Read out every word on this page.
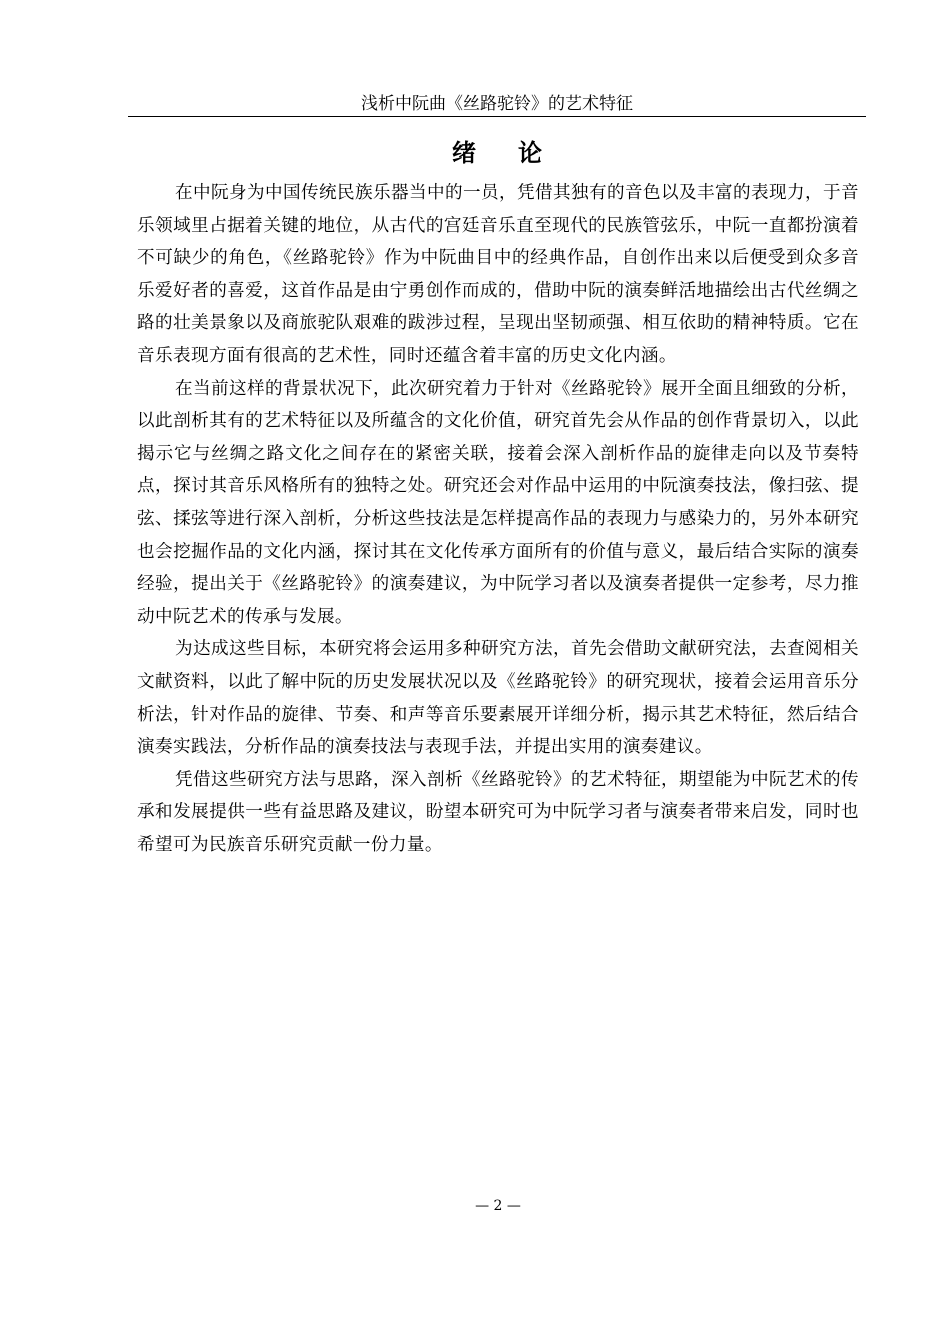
浅析中阮曲《丝路驼铃》的艺术特征
绪论

在中阮身为中国传统民族乐器当中的一员，凭借其独有的音色以及丰富的表现力，于音乐领域里占据着关键的地位，从古代的宫廷音乐直至现代的民族管弦乐，中阮一直都扮演着不可缺少的角色，《丝路驼铃》作为中阮曲目中的经典作品，自创作出来以后便受到众多音乐爱好者的喜爱，这首作品是由宁勇创作而成的，借助中阮的演奏鲜活地描绘出古代丝绸之路的壮美景象以及商旅驼队艰难的跋涉过程，呈现出坚韧顽强、相互依助的精神特质。它在音乐表现方面有很高的艺术性，同时还蕴含着丰富的历史文化内涵。

在当前这样的背景状况下，此次研究着力于针对《丝路驼铃》展开全面且细致的分析，以此剖析其有的艺术特征以及所蕴含的文化价值，研究首先会从作品的创作背景切入，以此揭示它与丝绸之路文化之间存在的紧密关联，接着会深入剖析作品的旋律走向以及节奏特点，探讨其音乐风格所有的独特之处。研究还会对作品中运用的中阮演奏技法，像扫弦、提弦、揉弦等进行深入剖析，分析这些技法是怎样提高作品的表现力与感染力的，另外本研究也会挖掘作品的文化内涵，探讨其在文化传承方面所有的价值与意义，最后结合实际的演奏经验，提出关于《丝路驼铃》的演奏建议，为中阮学习者以及演奏者提供一定参考，尽力推动中阮艺术的传承与发展。

为达成这些目标，本研究将会运用多种研究方法，首先会借助文献研究法，去查阅相关文献资料，以此了解中阮的历史发展状况以及《丝路驼铃》的研究现状，接着会运用音乐分析法，针对作品的旋律、节奏、和声等音乐要素展开详细分析，揭示其艺术特征，然后结合演奏实践法，分析作品的演奏技法与表现手法，并提出实用的演奏建议。

凭借这些研究方法与思路，深入剖析《丝路驼铃》的艺术特征，期望能为中阮艺术的传承和发展提供一些有益思路及建议，盼望本研究可为中阮学习者与演奏者带来启发，同时也希望可为民族音乐研究贡献一份力量。

— 2 —
